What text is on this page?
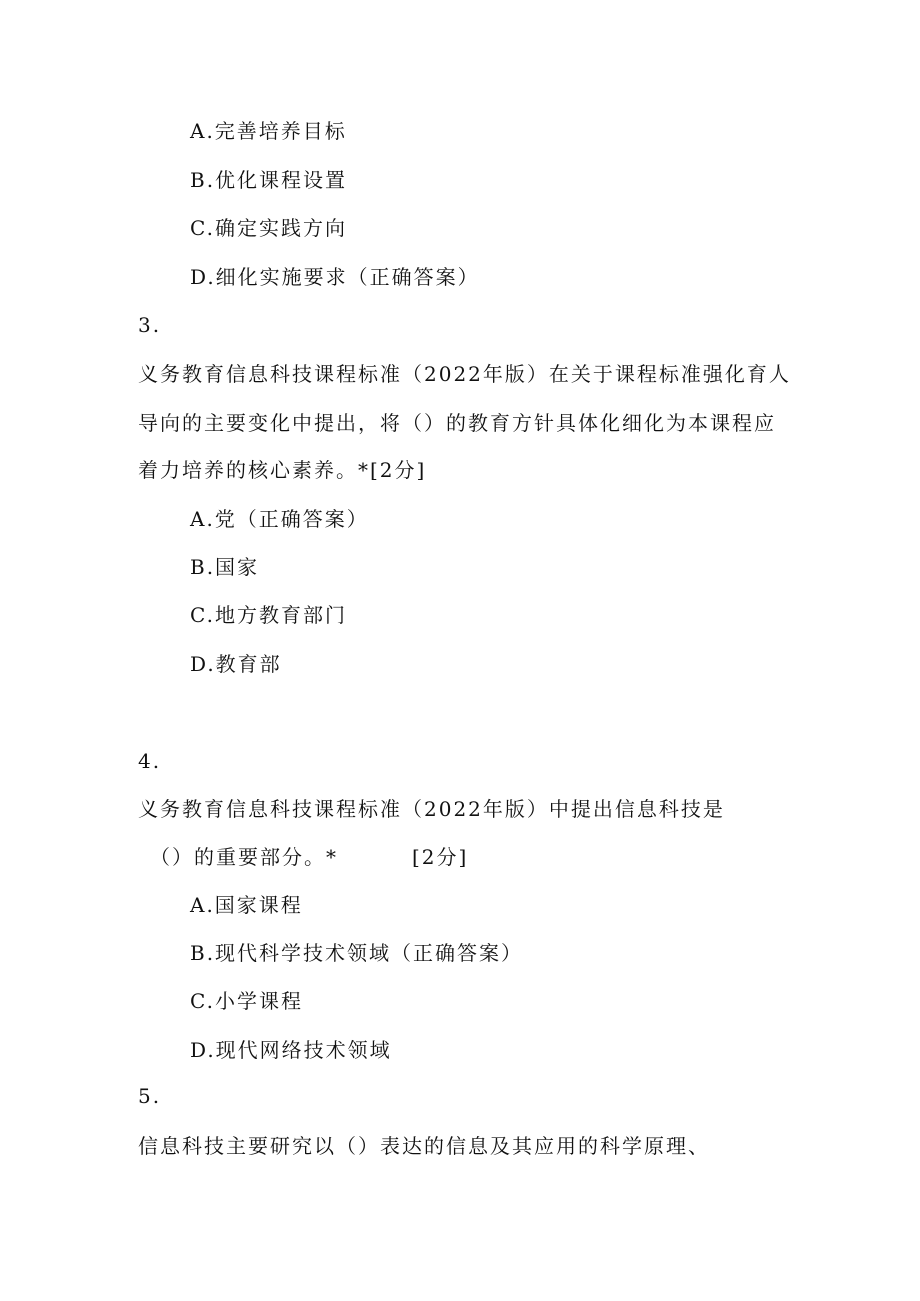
A.完善培养目标
B.优化课程设置
C.确定实践方向
D.细化实施要求（正确答案）
3.
义务教育信息科技课程标准（2022年版）在关于课程标准强化育人
导向的主要变化中提出，将（）的教育方针具体化细化为本课程应
着力培养的核心素养。*[2分]
A.党（正确答案）
B.国家
C.地方教育部门
D.教育部
4.
义务教育信息科技课程标准（2022年版）中提出信息科技是
（）的重要部分。*	[2分]
A.国家课程
B.现代科学技术领域（正确答案）
C.小学课程
D.现代网络技术领域
5.
信息科技主要研究以（）表达的信息及其应用的科学原理、
